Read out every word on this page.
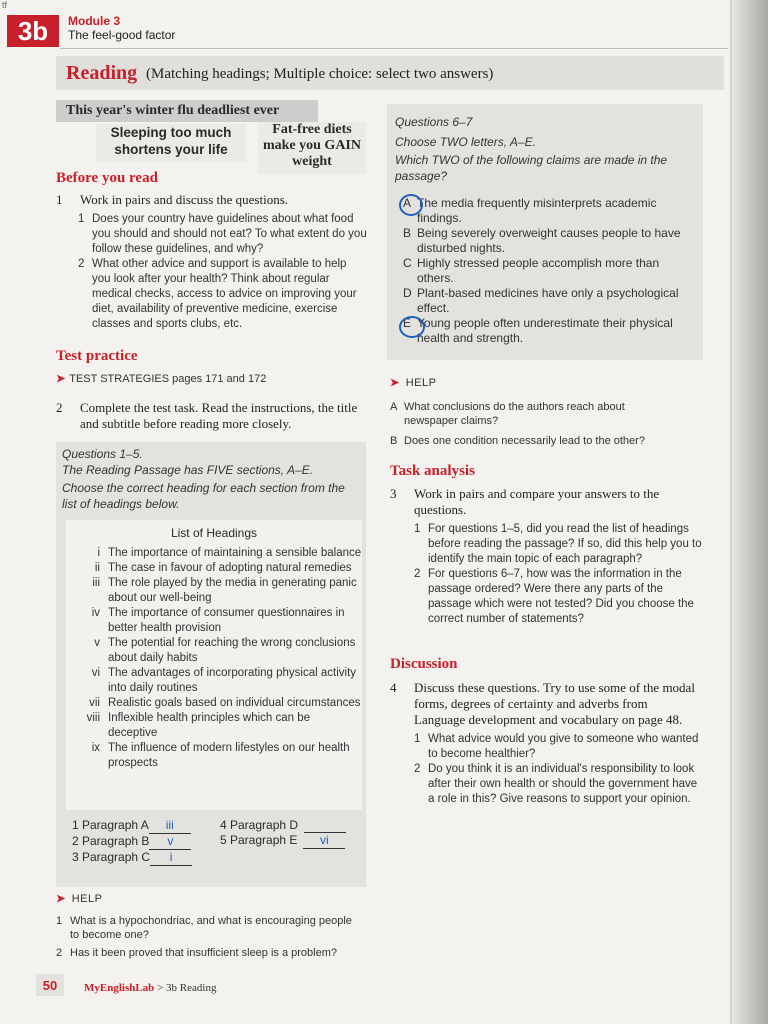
tf
3b	Module 3
The feel-good factor
Reading (Matching headings; Multiple choice: select two answers)
This year's winter flu deadliest ever
Sleeping too much shortens your life
Fat-free diets make you GAIN weight
Before you read
1	Work in pairs and discuss the questions.
1 Does your country have guidelines about what food you should and should not eat? To what extent do you follow these guidelines, and why?
2 What other advice and support is available to help you look after your health? Think about regular medical checks, access to advice on improving your diet, availability of preventive medicine, exercise classes and sports clubs, etc.
Test practice
➤ TEST STRATEGIES pages 171 and 172
2	Complete the test task. Read the instructions, the title and subtitle before reading more closely.
Questions 1–5.
The Reading Passage has FIVE sections, A–E.
Choose the correct heading for each section from the list of headings below.
List of Headings
i The importance of maintaining a sensible balance
ii The case in favour of adopting natural remedies
iii The role played by the media in generating panic about our well-being
iv The importance of consumer questionnaires in better health provision
v The potential for reaching the wrong conclusions about daily habits
vi The advantages of incorporating physical activity into daily routines
vii Realistic goals based on individual circumstances
viii Inflexible health principles which can be deceptive
ix The influence of modern lifestyles on our health prospects
1 Paragraph A	iii
2 Paragraph B	v
3 Paragraph C	i
4 Paragraph D
5 Paragraph E	vi
➤ HELP
1 What is a hypochondriac, and what is encouraging people to become one?
2 Has it been proved that insufficient sleep is a problem?
Questions 6–7
Choose TWO letters, A–E.
Which TWO of the following claims are made in the passage?
A The media frequently misinterprets academic findings.
B Being severely overweight causes people to have disturbed nights.
C Highly stressed people accomplish more than others.
D Plant-based medicines have only a psychological effect.
E Young people often underestimate their physical health and strength.
➤ HELP
A What conclusions do the authors reach about newspaper claims?
B Does one condition necessarily lead to the other?
Task analysis
3	Work in pairs and compare your answers to the questions.
1 For questions 1–5, did you read the list of headings before reading the passage? If so, did this help you to identify the main topic of each paragraph?
2 For questions 6–7, how was the information in the passage ordered? Were there any parts of the passage which were not tested? Did you choose the correct number of statements?
Discussion
4	Discuss these questions. Try to use some of the modal forms, degrees of certainty and adverbs from Language development and vocabulary on page 48.
1 What advice would you give to someone who wanted to become healthier?
2 Do you think it is an individual's responsibility to look after their own health or should the government have a role in this? Give reasons to support your opinion.
50	MyEnglishLab > 3b Reading
